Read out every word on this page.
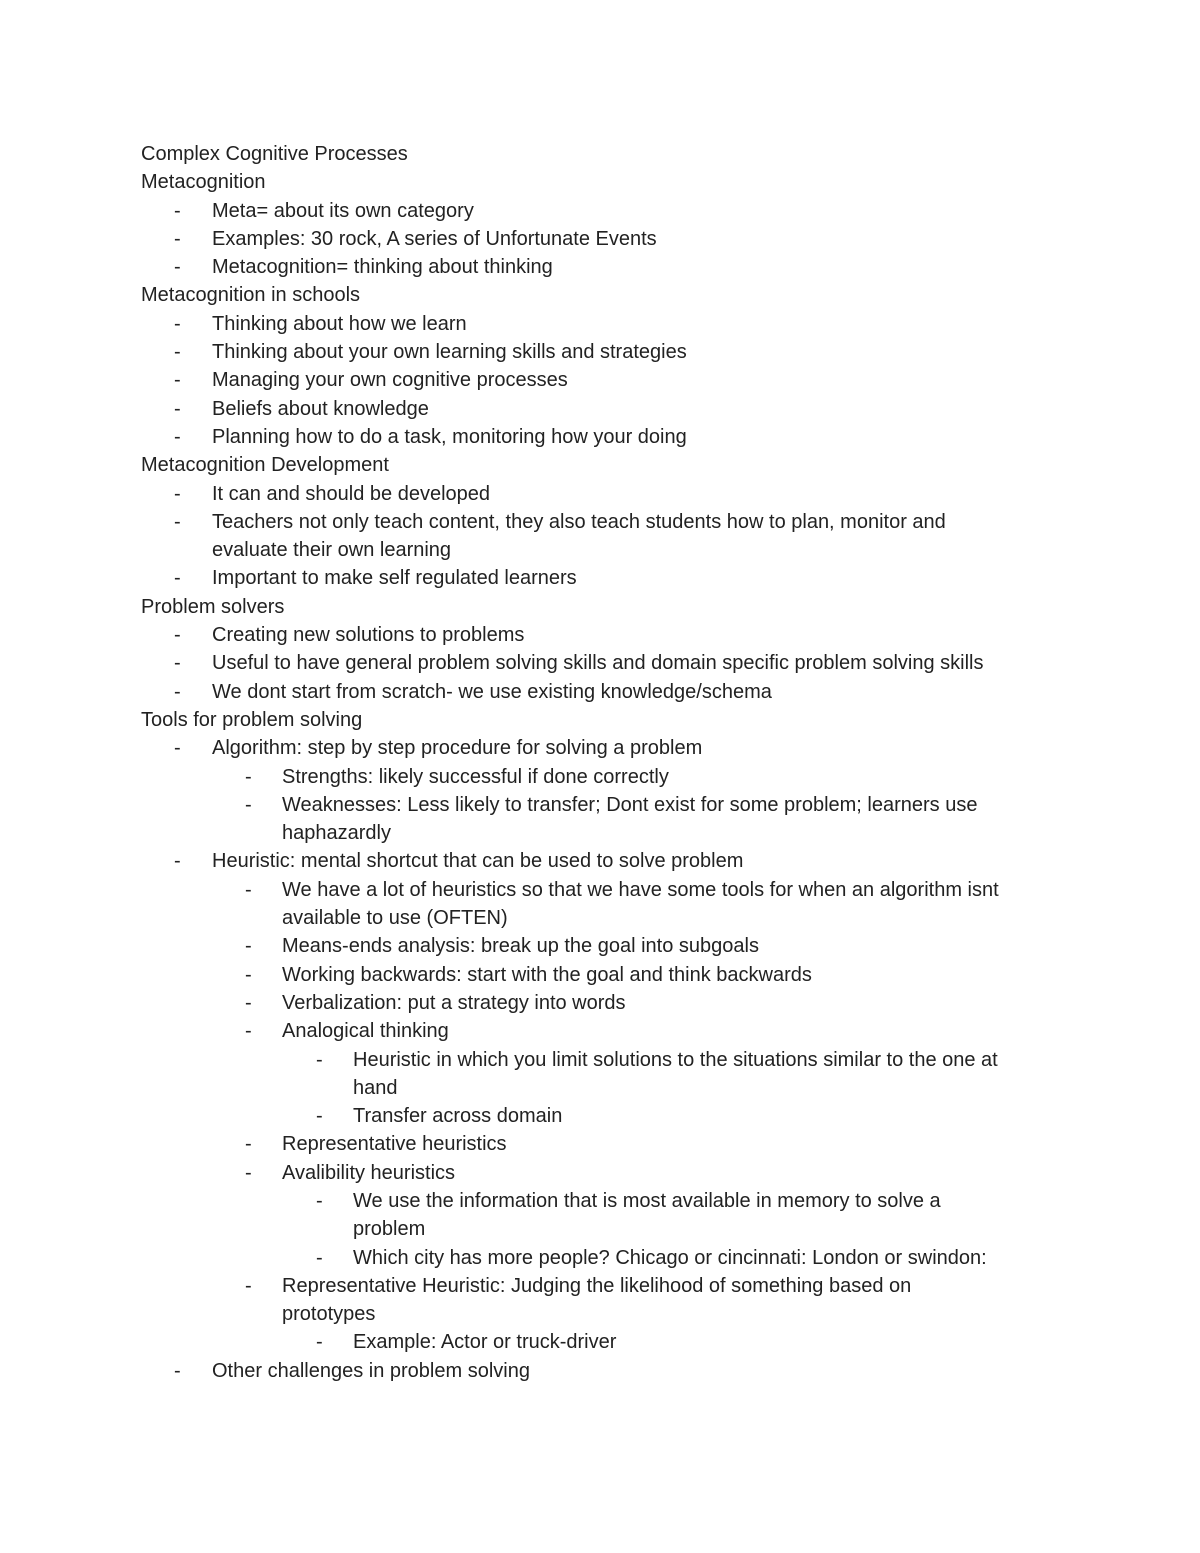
Complex Cognitive Processes
Metacognition
-	Meta= about its own category
-	Examples: 30 rock, A series of Unfortunate Events
-	Metacognition= thinking about thinking
Metacognition in schools
-	Thinking about how we learn
-	Thinking about your own learning skills and strategies
-	Managing your own cognitive processes
-	Beliefs about knowledge
-	Planning how to do a task, monitoring how your doing
Metacognition Development
-	It can and should be developed
-	Teachers not only teach content, they also teach students how to plan, monitor and
evaluate their own learning
-	Important to make self regulated learners
Problem solvers
-	Creating new solutions to problems
-	Useful to have general problem solving skills and domain specific problem solving skills
-	We dont start from scratch- we use existing knowledge/schema
Tools for problem solving
-	Algorithm: step by step procedure for solving a problem
-	Strengths: likely successful if done correctly
-	Weaknesses: Less likely to transfer; Dont exist for some problem; learners use
haphazardly
-	Heuristic: mental shortcut that can be used to solve problem
-	We have a lot of heuristics so that we have some tools for when an algorithm isnt
available to use (OFTEN)
-	Means-ends analysis: break up the goal into subgoals
-	Working backwards: start with the goal and think backwards
-	Verbalization: put a strategy into words
-	Analogical thinking
-	Heuristic in which you limit solutions to the situations similar to the one at
hand
-	Transfer across domain
-	Representative heuristics
-	Avalibility heuristics
-	We use the information that is most available in memory to solve a
problem
-	Which city has more people? Chicago or cincinnati: London or swindon:
-	Representative Heuristic: Judging the likelihood of something based on
prototypes
-	Example: Actor or truck-driver
-	Other challenges in problem solving
